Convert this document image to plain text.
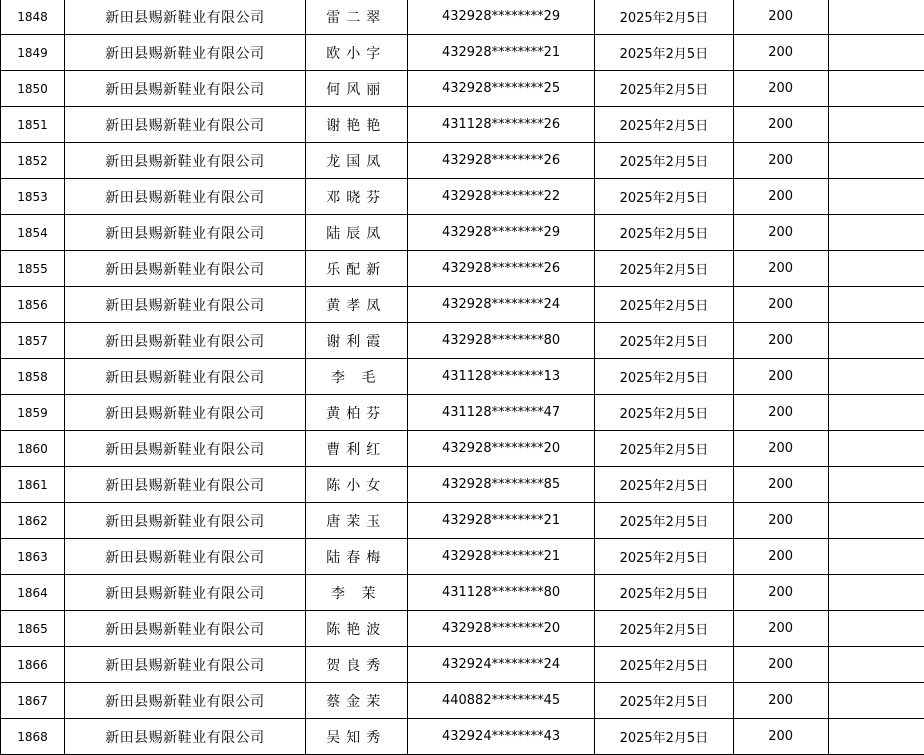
1848	新田县赐新鞋业有限公司	雷二翠	432928********29	2025年2月5日	200	
1849	新田县赐新鞋业有限公司	欧小字	432928********21	2025年2月5日	200	
1850	新田县赐新鞋业有限公司	何风丽	432928********25	2025年2月5日	200	
1851	新田县赐新鞋业有限公司	谢艳艳	431128********26	2025年2月5日	200	
1852	新田县赐新鞋业有限公司	龙国凤	432928********26	2025年2月5日	200	
1853	新田县赐新鞋业有限公司	邓晓芬	432928********22	2025年2月5日	200	
1854	新田县赐新鞋业有限公司	陆辰凤	432928********29	2025年2月5日	200	
1855	新田县赐新鞋业有限公司	乐配新	432928********26	2025年2月5日	200	
1856	新田县赐新鞋业有限公司	黄孝凤	432928********24	2025年2月5日	200	
1857	新田县赐新鞋业有限公司	谢利霞	432928********80	2025年2月5日	200	
1858	新田县赐新鞋业有限公司	李 毛	431128********13	2025年2月5日	200	
1859	新田县赐新鞋业有限公司	黄柏芬	431128********47	2025年2月5日	200	
1860	新田县赐新鞋业有限公司	曹利红	432928********20	2025年2月5日	200	
1861	新田县赐新鞋业有限公司	陈小女	432928********85	2025年2月5日	200	
1862	新田县赐新鞋业有限公司	唐茉玉	432928********21	2025年2月5日	200	
1863	新田县赐新鞋业有限公司	陆春梅	432928********21	2025年2月5日	200	
1864	新田县赐新鞋业有限公司	李 茉	431128********80	2025年2月5日	200	
1865	新田县赐新鞋业有限公司	陈艳波	432928********20	2025年2月5日	200	
1866	新田县赐新鞋业有限公司	贺良秀	432924********24	2025年2月5日	200	
1867	新田县赐新鞋业有限公司	蔡金茉	440882********45	2025年2月5日	200	
1868	新田县赐新鞋业有限公司	吴知秀	432924********43	2025年2月5日	200	
